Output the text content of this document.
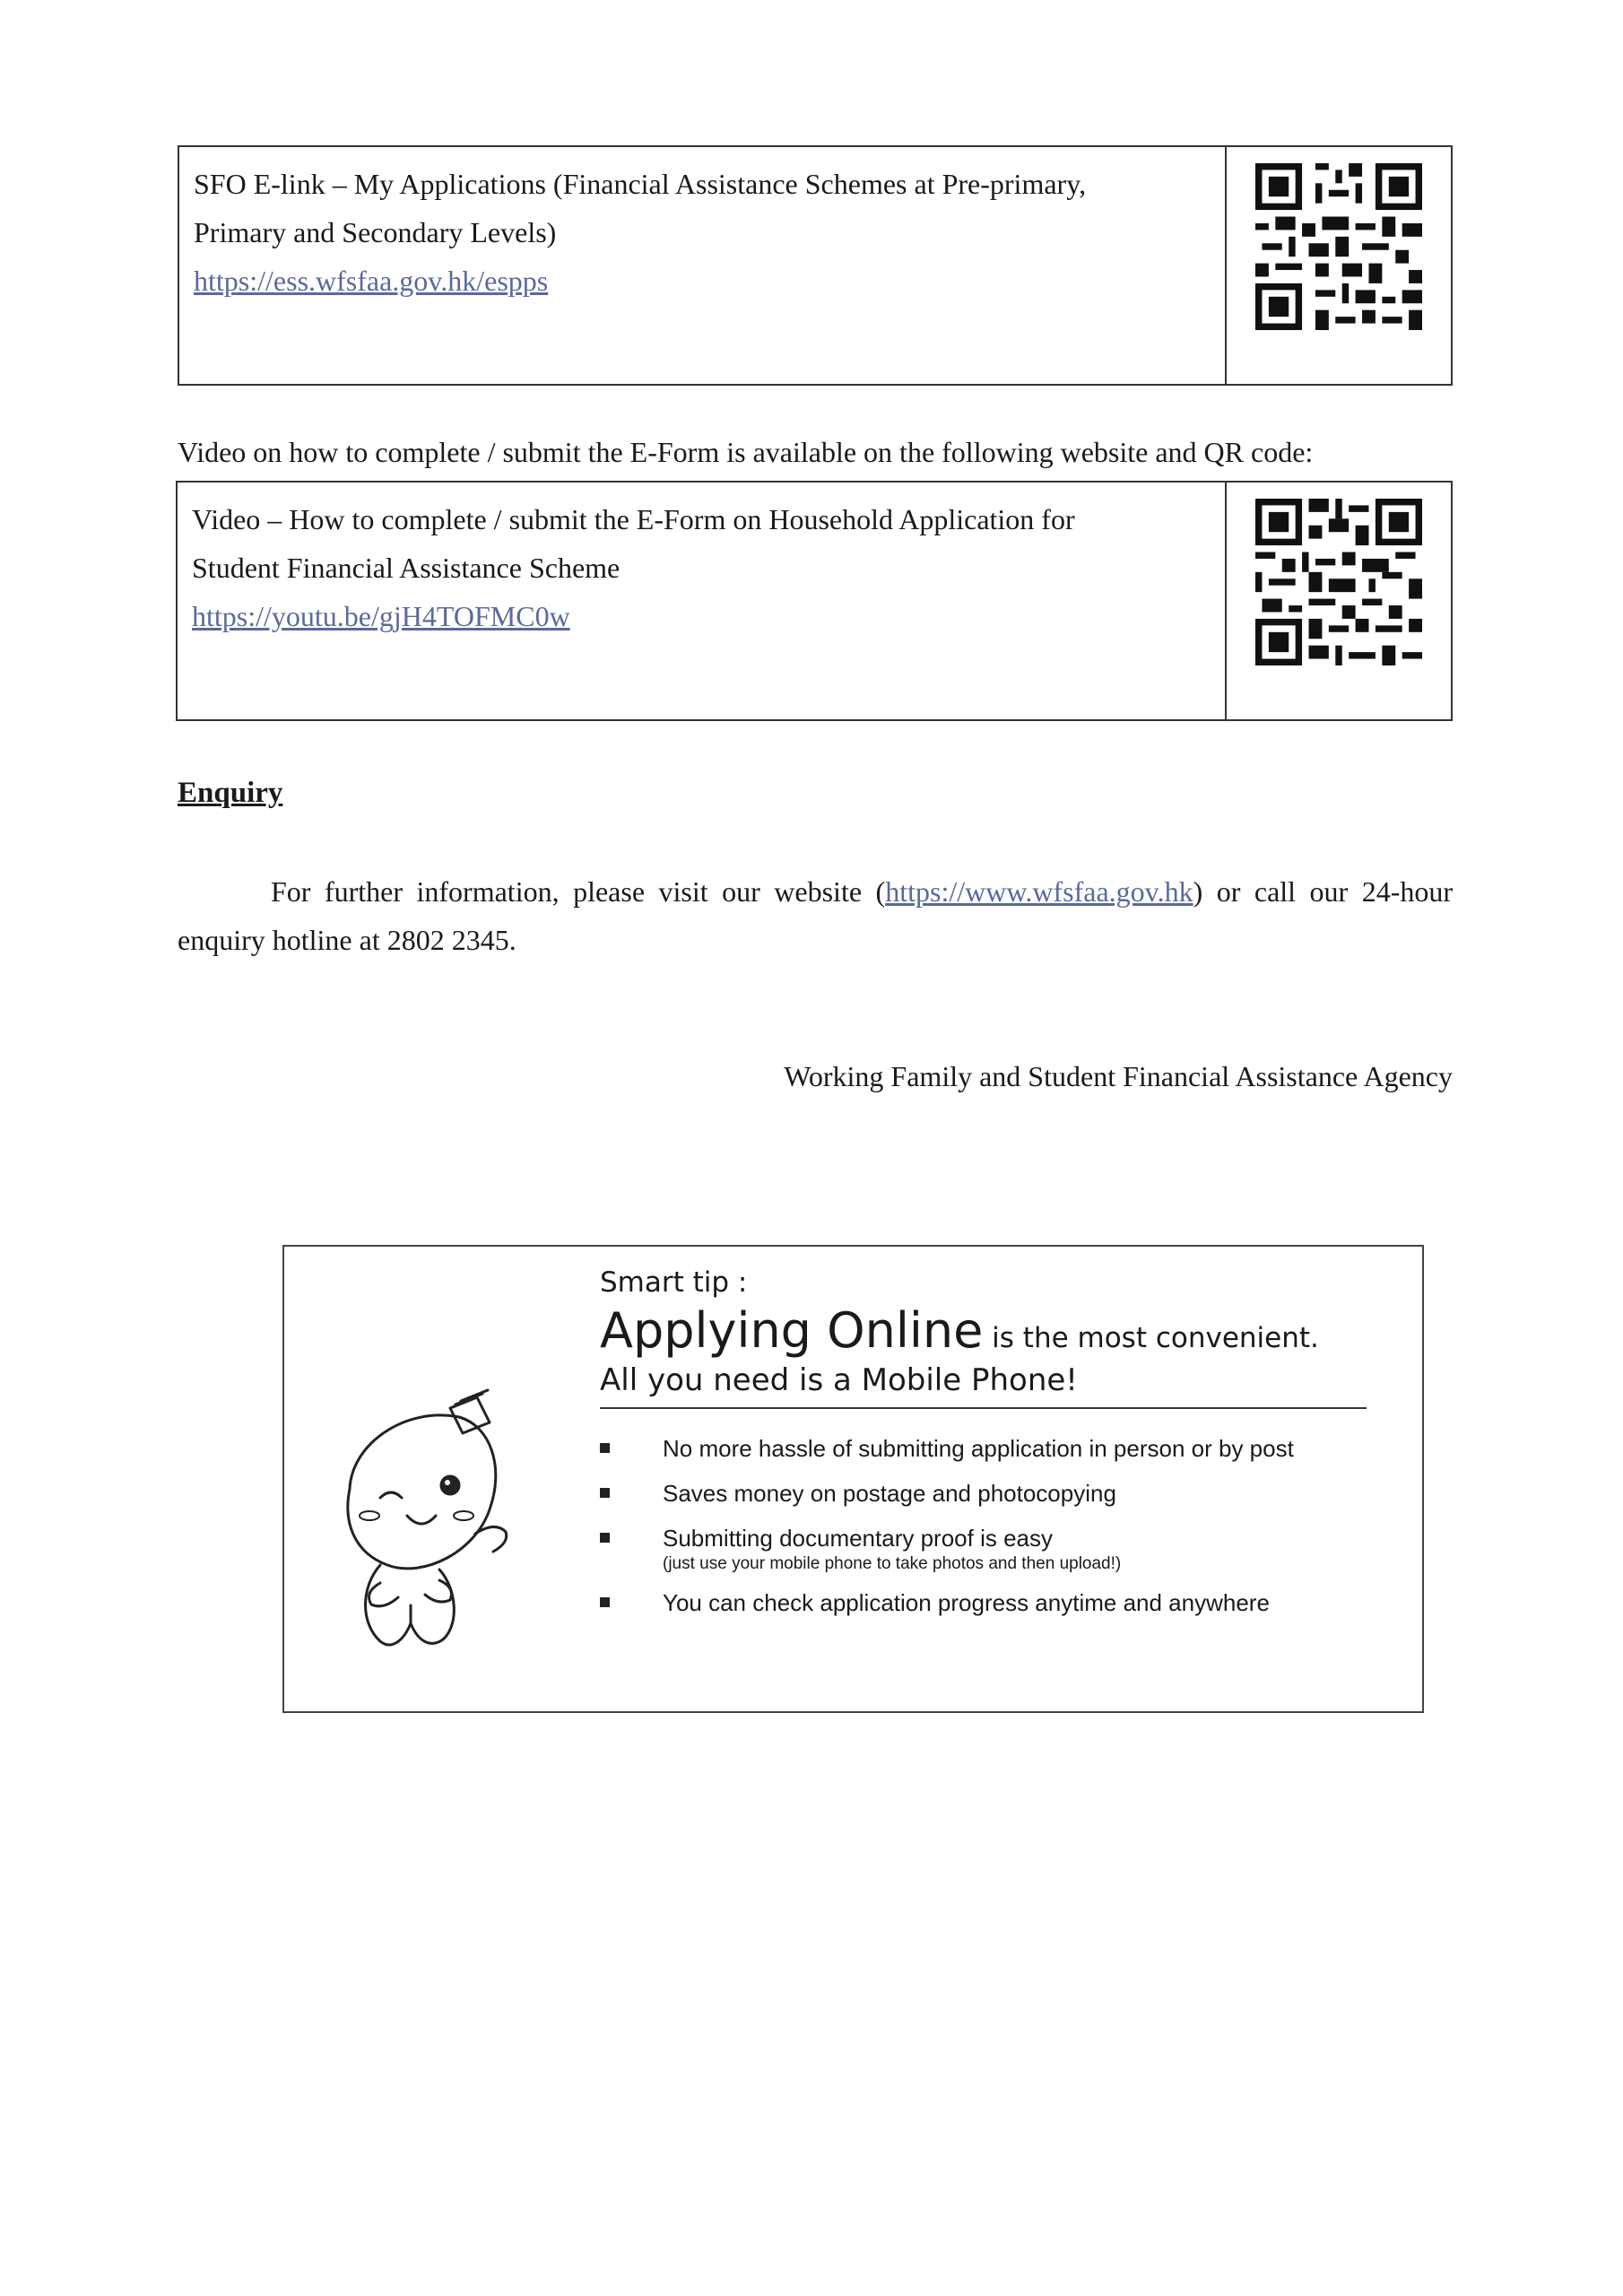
SFO E-link – My Applications (Financial Assistance Schemes at Pre-primary,
Primary and Secondary Levels)
https://ess.wfsfaa.gov.hk/espps
Video on how to complete / submit the E-Form is available on the following website and QR code:
Video – How to complete / submit the E-Form on Household Application for
Student Financial Assistance Scheme
https://youtu.be/gjH4TOFMC0w
Enquiry
For further information, please visit our website (https://www.wfsfaa.gov.hk) or call our 24-hour enquiry hotline at 2802 2345.
Working Family and Student Financial Assistance Agency
Smart tip :
Applying Online is the most convenient.
All you need is a Mobile Phone!
No more hassle of submitting application in person or by post
Saves money on postage and photocopying
Submitting documentary proof is easy
(just use your mobile phone to take photos and then upload!)
You can check application progress anytime and anywhere
